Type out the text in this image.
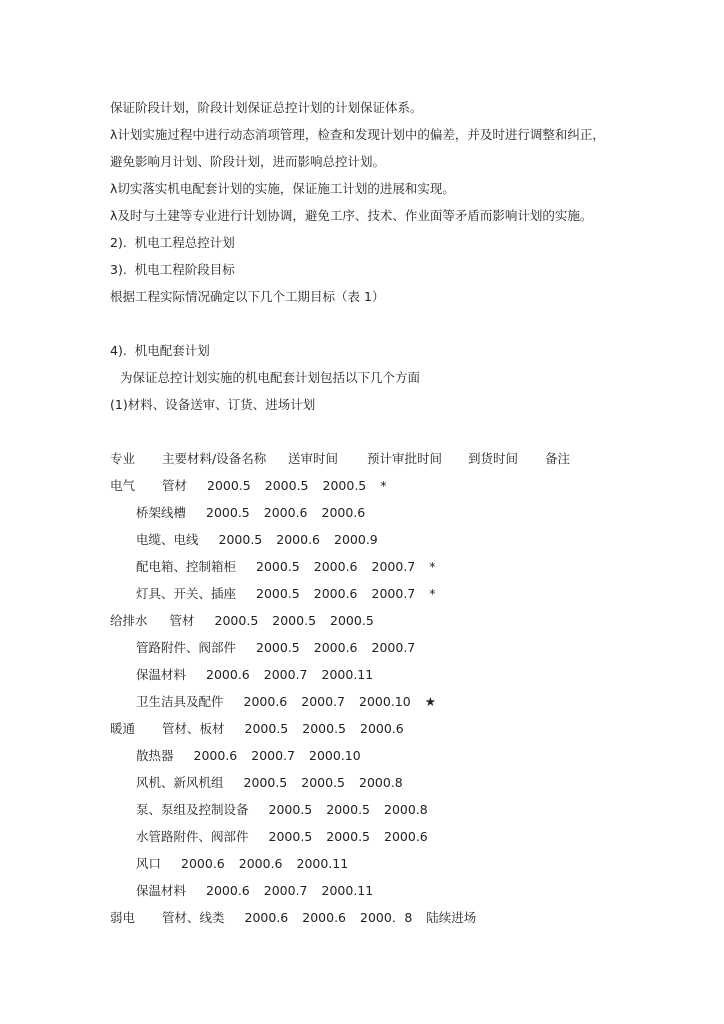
保证阶段计划，阶段计划保证总控计划的计划保证体系。
λ计划实施过程中进行动态消项管理，检查和发现计划中的偏差，并及时进行调整和纠正，
避免影响月计划、阶段计划，进而影响总控计划。
λ切实落实机电配套计划的实施，保证施工计划的进展和实现。
λ及时与土建等专业进行计划协调，避免工序、技术、作业面等矛盾而影响计划的实施。
2).  机电工程总控计划
3).  机电工程阶段目标
根据工程实际情况确定以下几个工期目标（表 1）
4).  机电配套计划
为保证总控计划实施的机电配套计划包括以下几个方面
(1)材料、设备送审、订货、进场计划
专业 主要材料/设备名称 送审时间 预计审批时间 到货时间 备注
电气 管材 2000.5 2000.5 2000.5 *
桥架线槽 2000.5 2000.6 2000.6
电缆、电线 2000.5 2000.6 2000.9
配电箱、控制箱柜 2000.5 2000.6 2000.7 *
灯具、开关、插座 2000.5 2000.6 2000.7 *
给排水 管材 2000.5 2000.5 2000.5
管路附件、阀部件 2000.5 2000.6 2000.7
保温材料 2000.6 2000.7 2000.11
卫生洁具及配件 2000.6 2000.7 2000.10 ★
暖通 管材、板材 2000.5 2000.5 2000.6
散热器 2000.6 2000.7 2000.10
风机、新风机组 2000.5 2000.5 2000.8
泵、泵组及控制设备 2000.5 2000.5 2000.8
水管路附件、阀部件 2000.5 2000.5 2000.6
风口 2000.6 2000.6 2000.11
保温材料 2000.6 2000.7 2000.11
弱电 管材、线类 2000.6 2000.6 2000．8 陆续进场
